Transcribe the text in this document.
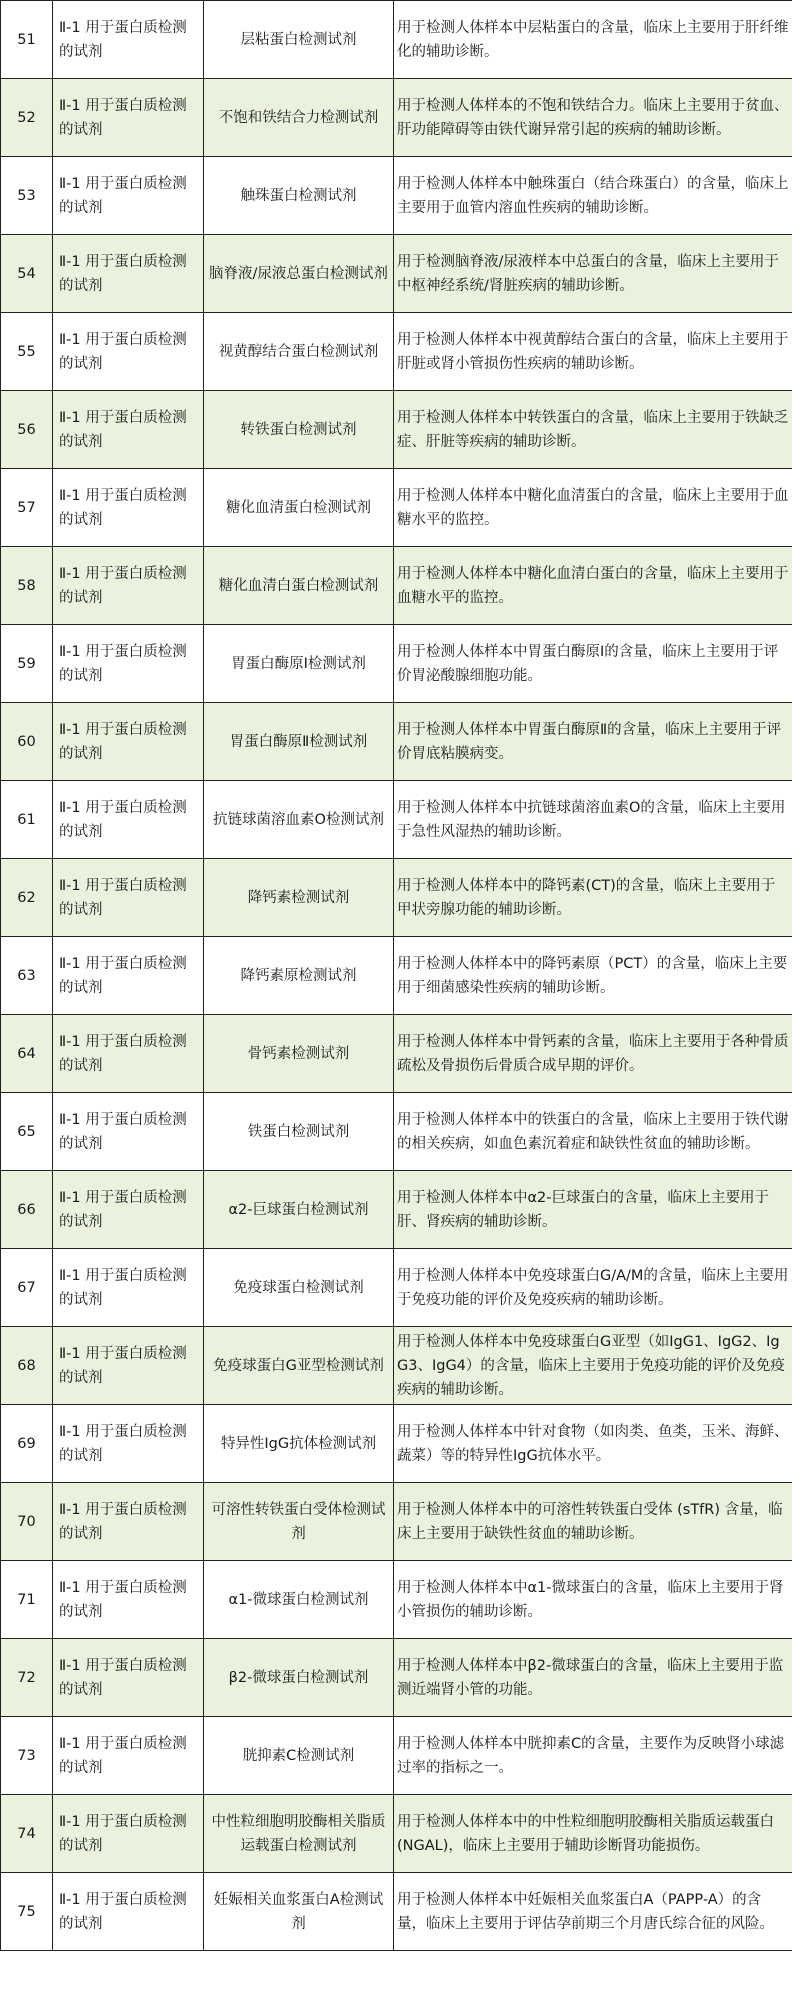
51	Ⅱ-1 用于蛋白质检测的试剂	层粘蛋白检测试剂	用于检测人体样本中层粘蛋白的含量，临床上主要用于肝纤维化的辅助诊断。
52	Ⅱ-1 用于蛋白质检测的试剂	不饱和铁结合力检测试剂	用于检测人体样本的不饱和铁结合力。临床上主要用于贫血、肝功能障碍等由铁代谢异常引起的疾病的辅助诊断。
53	Ⅱ-1 用于蛋白质检测的试剂	触珠蛋白检测试剂	用于检测人体样本中触珠蛋白（结合珠蛋白）的含量，临床上主要用于血管内溶血性疾病的辅助诊断。
54	Ⅱ-1 用于蛋白质检测的试剂	脑脊液/尿液总蛋白检测试剂	用于检测脑脊液/尿液样本中总蛋白的含量，临床上主要用于中枢神经系统/肾脏疾病的辅助诊断。
55	Ⅱ-1 用于蛋白质检测的试剂	视黄醇结合蛋白检测试剂	用于检测人体样本中视黄醇结合蛋白的含量，临床上主要用于肝脏或肾小管损伤性疾病的辅助诊断。
56	Ⅱ-1 用于蛋白质检测的试剂	转铁蛋白检测试剂	用于检测人体样本中转铁蛋白的含量，临床上主要用于铁缺乏症、肝脏等疾病的辅助诊断。
57	Ⅱ-1 用于蛋白质检测的试剂	糖化血清蛋白检测试剂	用于检测人体样本中糖化血清蛋白的含量，临床上主要用于血糖水平的监控。
58	Ⅱ-1 用于蛋白质检测的试剂	糖化血清白蛋白检测试剂	用于检测人体样本中糖化血清白蛋白的含量，临床上主要用于血糖水平的监控。
59	Ⅱ-1 用于蛋白质检测的试剂	胃蛋白酶原Ⅰ检测试剂	用于检测人体样本中胃蛋白酶原Ⅰ的含量，临床上主要用于评价胃泌酸腺细胞功能。
60	Ⅱ-1 用于蛋白质检测的试剂	胃蛋白酶原Ⅱ检测试剂	用于检测人体样本中胃蛋白酶原Ⅱ的含量，临床上主要用于评价胃底粘膜病变。
61	Ⅱ-1 用于蛋白质检测的试剂	抗链球菌溶血素O检测试剂	用于检测人体样本中抗链球菌溶血素O的含量，临床上主要用于急性风湿热的辅助诊断。
62	Ⅱ-1 用于蛋白质检测的试剂	降钙素检测试剂	用于检测人体样本中的降钙素(CT)的含量，临床上主要用于甲状旁腺功能的辅助诊断。
63	Ⅱ-1 用于蛋白质检测的试剂	降钙素原检测试剂	用于检测人体样本中的降钙素原（PCT）的含量，临床上主要用于细菌感染性疾病的辅助诊断。
64	Ⅱ-1 用于蛋白质检测的试剂	骨钙素检测试剂	用于检测人体样本中骨钙素的含量，临床上主要用于各种骨质疏松及骨损伤后骨质合成早期的评价。
65	Ⅱ-1 用于蛋白质检测的试剂	铁蛋白检测试剂	用于检测人体样本中的铁蛋白的含量，临床上主要用于铁代谢的相关疾病，如血色素沉着症和缺铁性贫血的辅助诊断。
66	Ⅱ-1 用于蛋白质检测的试剂	α2-巨球蛋白检测试剂	用于检测人体样本中α2-巨球蛋白的含量，临床上主要用于肝、肾疾病的辅助诊断。
67	Ⅱ-1 用于蛋白质检测的试剂	免疫球蛋白检测试剂	用于检测人体样本中免疫球蛋白G/A/M的含量，临床上主要用于免疫功能的评价及免疫疾病的辅助诊断。
68	Ⅱ-1 用于蛋白质检测的试剂	免疫球蛋白G亚型检测试剂	用于检测人体样本中免疫球蛋白G亚型（如IgG1、IgG2、IgG3、IgG4）的含量，临床上主要用于免疫功能的评价及免疫疾病的辅助诊断。
69	Ⅱ-1 用于蛋白质检测的试剂	特异性IgG抗体检测试剂	用于检测人体样本中针对食物（如肉类、鱼类，玉米、海鲜、蔬菜）等的特异性IgG抗体水平。
70	Ⅱ-1 用于蛋白质检测的试剂	可溶性转铁蛋白受体检测试剂	用于检测人体样本中的可溶性转铁蛋白受体 (sTfR) 含量，临床上主要用于缺铁性贫血的辅助诊断。
71	Ⅱ-1 用于蛋白质检测的试剂	α1-微球蛋白检测试剂	用于检测人体样本中α1-微球蛋白的含量，临床上主要用于肾小管损伤的辅助诊断。
72	Ⅱ-1 用于蛋白质检测的试剂	β2-微球蛋白检测试剂	用于检测人体样本中β2-微球蛋白的含量，临床上主要用于监测近端肾小管的功能。
73	Ⅱ-1 用于蛋白质检测的试剂	胱抑素C检测试剂	用于检测人体样本中胱抑素C的含量，主要作为反映肾小球滤过率的指标之一。
74	Ⅱ-1 用于蛋白质检测的试剂	中性粒细胞明胶酶相关脂质运载蛋白检测试剂	用于检测人体样本中的中性粒细胞明胶酶相关脂质运载蛋白(NGAL)，临床上主要用于辅助诊断肾功能损伤。
75	Ⅱ-1 用于蛋白质检测的试剂	妊娠相关血浆蛋白A检测试剂	用于检测人体样本中妊娠相关血浆蛋白A（PAPP-A）的含量，临床上主要用于评估孕前期三个月唐氏综合征的风险。
